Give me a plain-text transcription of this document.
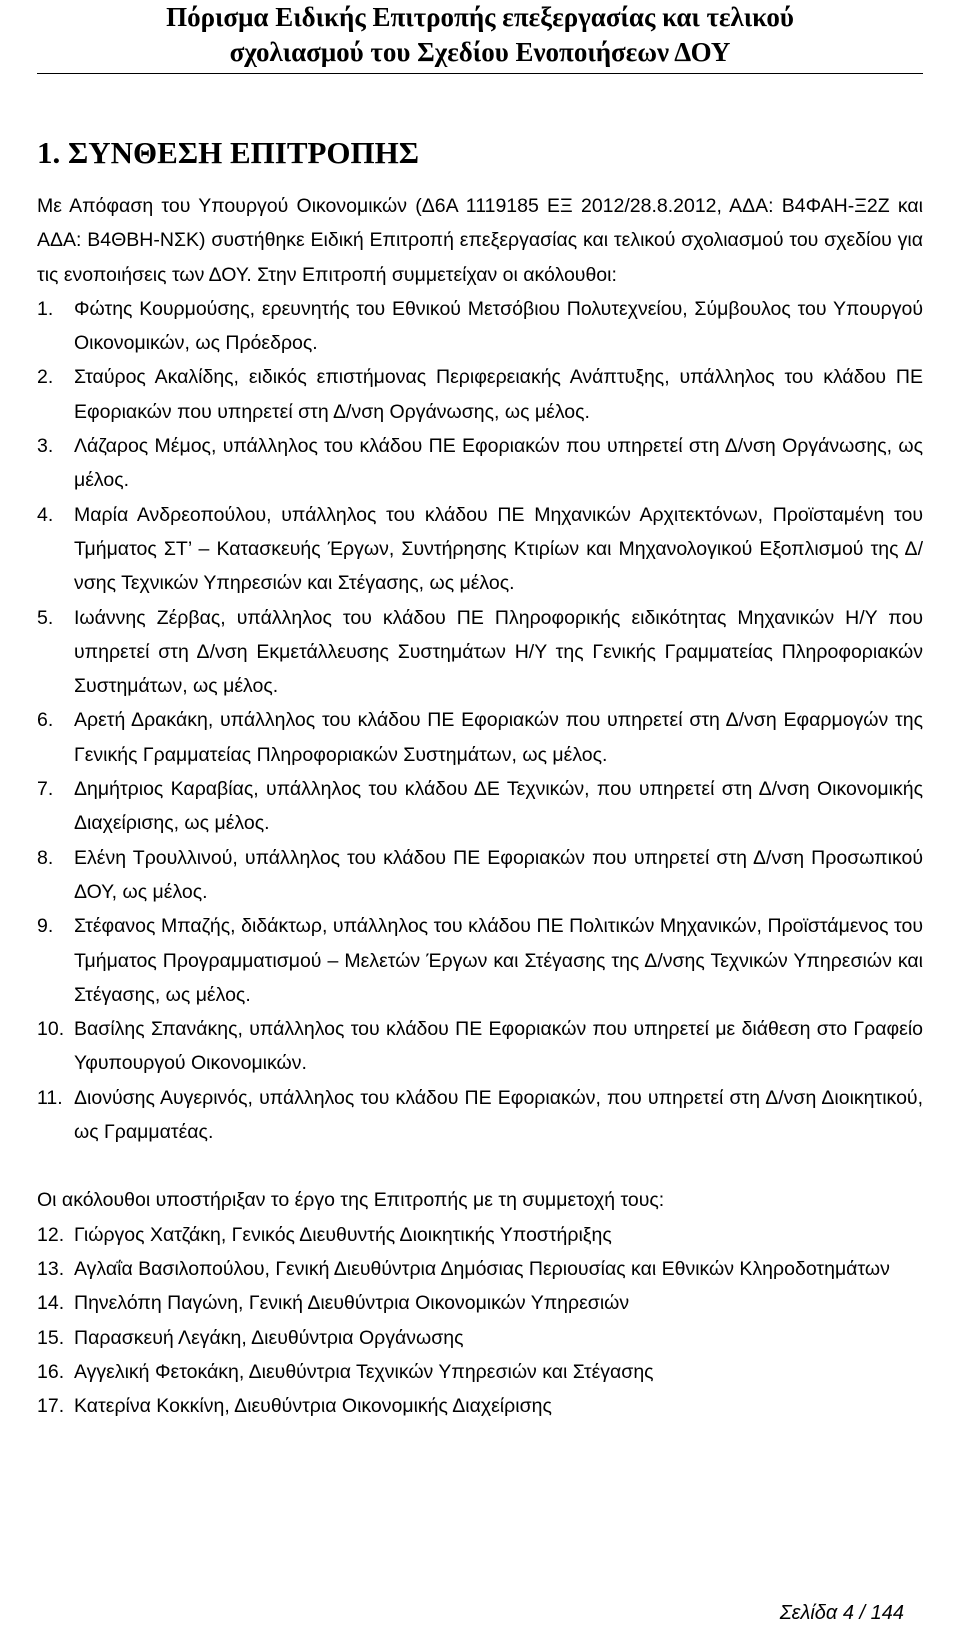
Πόρισμα Ειδικής Επιτροπής επεξεργασίας και τελικού
σχολιασμού του Σχεδίου Ενοποιήσεων ΔΟΥ
1. ΣΥΝΘΕΣΗ ΕΠΙΤΡΟΠΗΣ

Με Απόφαση του Υπουργού Οικονομικών (Δ6Α 1119185 ΕΞ 2012/28.8.2012, ΑΔΑ: Β4ΦΑΗ-Ξ2Ζ και ΑΔΑ: Β4ΘΒΗ-ΝΣΚ) συστήθηκε Ειδική Επιτροπή επεξεργασίας και τελικού σχολιασμού του σχεδίου για τις ενοποιήσεις των ΔΟΥ. Στην Επιτροπή συμμετείχαν οι ακόλουθοι:

1.	Φώτης Κουρμούσης, ερευνητής του Εθνικού Μετσόβιου Πολυτεχνείου, Σύμβουλος του Υπουργού Οικονομικών, ως Πρόεδρος.
2.	Σταύρος Ακαλίδης, ειδικός επιστήμονας Περιφερειακής Ανάπτυξης, υπάλληλος του κλάδου ΠΕ Εφοριακών που υπηρετεί στη Δ/νση Οργάνωσης, ως μέλος.
3.	Λάζαρος Μέμος, υπάλληλος του κλάδου ΠΕ Εφοριακών που υπηρετεί στη Δ/νση Οργάνωσης, ως μέλος.
4.	Μαρία Ανδρεοπούλου, υπάλληλος του κλάδου ΠΕ Μηχανικών Αρχιτεκτόνων, Προϊσταμένη του Τμήματος ΣΤ’ – Κατασκευής Έργων, Συντήρησης Κτιρίων και Μηχανολογικού Εξοπλισμού της Δ/νσης Τεχνικών Υπηρεσιών και Στέγασης, ως μέλος.
5.	Ιωάννης Ζέρβας, υπάλληλος του κλάδου ΠΕ Πληροφορικής ειδικότητας Μηχανικών Η/Υ που υπηρετεί στη Δ/νση Εκμετάλλευσης Συστημάτων Η/Υ της Γενικής Γραμματείας Πληροφοριακών Συστημάτων, ως μέλος.
6.	Αρετή Δρακάκη, υπάλληλος του κλάδου ΠΕ Εφοριακών που υπηρετεί στη Δ/νση Εφαρμογών της Γενικής Γραμματείας Πληροφοριακών Συστημάτων, ως μέλος.
7.	Δημήτριος Καραβίας, υπάλληλος του κλάδου ΔΕ Τεχνικών, που υπηρετεί στη Δ/νση Οικονομικής Διαχείρισης, ως μέλος.
8.	Ελένη Τρουλλινού, υπάλληλος του κλάδου ΠΕ Εφοριακών που υπηρετεί στη Δ/νση Προσωπικού ΔΟΥ, ως μέλος.
9.	Στέφανος Μπαζής, διδάκτωρ, υπάλληλος του κλάδου ΠΕ Πολιτικών Μηχανικών, Προϊστάμενος του Τμήματος Προγραμματισμού – Μελετών Έργων και Στέγασης της Δ/νσης Τεχνικών Υπηρεσιών και Στέγασης, ως μέλος.
10. Βασίλης Σπανάκης, υπάλληλος του κλάδου ΠΕ Εφοριακών που υπηρετεί με διάθεση στο Γραφείο Υφυπουργού Οικονομικών.
11. Διονύσης Αυγερινός, υπάλληλος του κλάδου ΠΕ Εφοριακών, που υπηρετεί στη Δ/νση Διοικητικού, ως Γραμματέας.

Οι ακόλουθοι υποστήριξαν το έργο της Επιτροπής με τη συμμετοχή τους:

12. Γιώργος Χατζάκη, Γενικός Διευθυντής Διοικητικής Υποστήριξης
13. Αγλαΐα Βασιλοπούλου, Γενική Διευθύντρια Δημόσιας Περιουσίας και Εθνικών Κληροδοτημάτων
14. Πηνελόπη Παγώνη, Γενική Διευθύντρια Οικονομικών Υπηρεσιών
15. Παρασκευή Λεγάκη, Διευθύντρια Οργάνωσης
16. Αγγελική Φετοκάκη, Διευθύντρια Τεχνικών Υπηρεσιών και Στέγασης
17. Κατερίνα Κοκκίνη, Διευθύντρια Οικονομικής Διαχείρισης
Σελίδα 4 / 144
